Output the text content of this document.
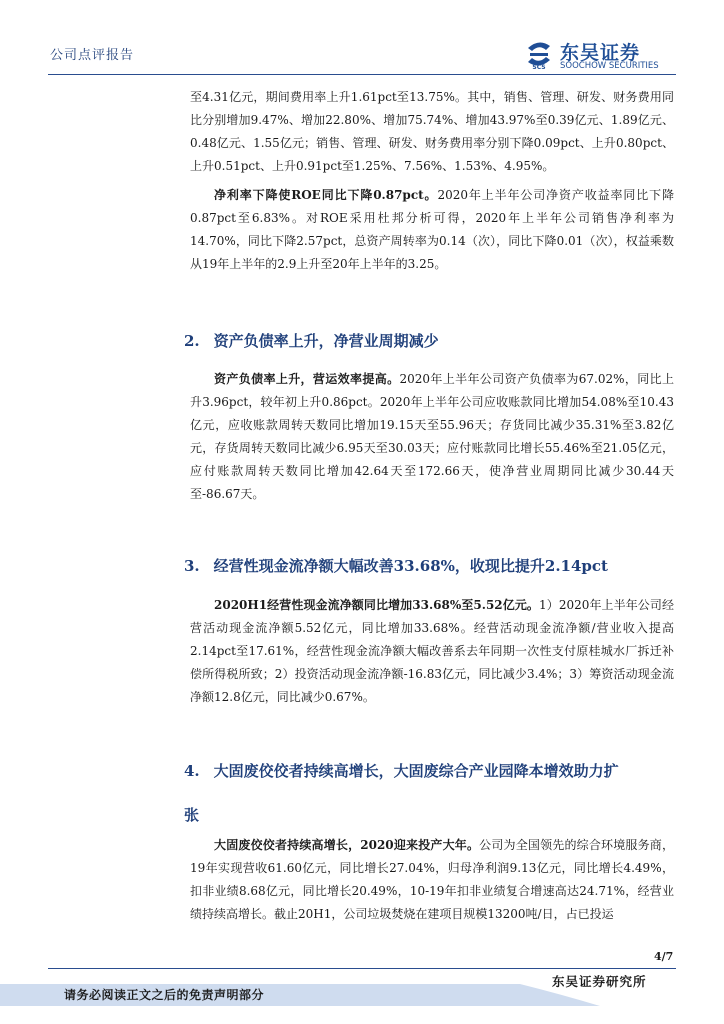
公司点评报告
SCS
东吴证券
SOOCHOW SECURITIES

至4.31亿元，期间费用率上升1.61pct至13.75%。其中，销售、管理、研发、财务费用同比分别增加9.47%、增加22.80%、增加75.74%、增加43.97%至0.39亿元、1.89亿元、0.48亿元、1.55亿元；销售、管理、研发、财务费用率分别下降0.09pct、上升0.80pct、上升0.51pct、上升0.91pct至1.25%、7.56%、1.53%、4.95%。

净利率下降使ROE同比下降0.87pct。2020年上半年公司净资产收益率同比下降0.87pct至6.83%。对ROE采用杜邦分析可得，2020年上半年公司销售净利率为14.70%，同比下降2.57pct，总资产周转率为0.14（次），同比下降0.01（次），权益乘数从19年上半年的2.9上升至20年上半年的3.25。

2. 资产负债率上升，净营业周期减少

资产负债率上升，营运效率提高。2020年上半年公司资产负债率为67.02%，同比上升3.96pct，较年初上升0.86pct。2020年上半年公司应收账款同比增加54.08%至10.43亿元，应收账款周转天数同比增加19.15天至55.96天；存货同比减少35.31%至3.82亿元，存货周转天数同比减少6.95天至30.03天；应付账款同比增长55.46%至21.05亿元，应付账款周转天数同比增加42.64天至172.66天，使净营业周期同比减少30.44天至-86.67天。

3. 经营性现金流净额大幅改善33.68%，收现比提升2.14pct

2020H1经营性现金流净额同比增加33.68%至5.52亿元。1）2020年上半年公司经营活动现金流净额5.52亿元，同比增加33.68%。经营活动现金流净额/营业收入提高2.14pct至17.61%，经营性现金流净额大幅改善系去年同期一次性支付原桂城水厂拆迁补偿所得税所致；2）投资活动现金流净额-16.83亿元，同比减少3.4%；3）筹资活动现金流净额12.8亿元，同比减少0.67%。

4. 大固废佼佼者持续高增长，大固废综合产业园降本增效助力扩
张

大固废佼佼者持续高增长，2020迎来投产大年。公司为全国领先的综合环境服务商，19年实现营收61.60亿元，同比增长27.04%，归母净利润9.13亿元，同比增长4.49%，扣非业绩8.68亿元，同比增长20.49%，10-19年扣非业绩复合增速高达24.71%，经营业绩持续高增长。截止20H1，公司垃圾焚烧在建项目规模13200吨/日，占已投运

4/7
东吴证券研究所
请务必阅读正文之后的免责声明部分
